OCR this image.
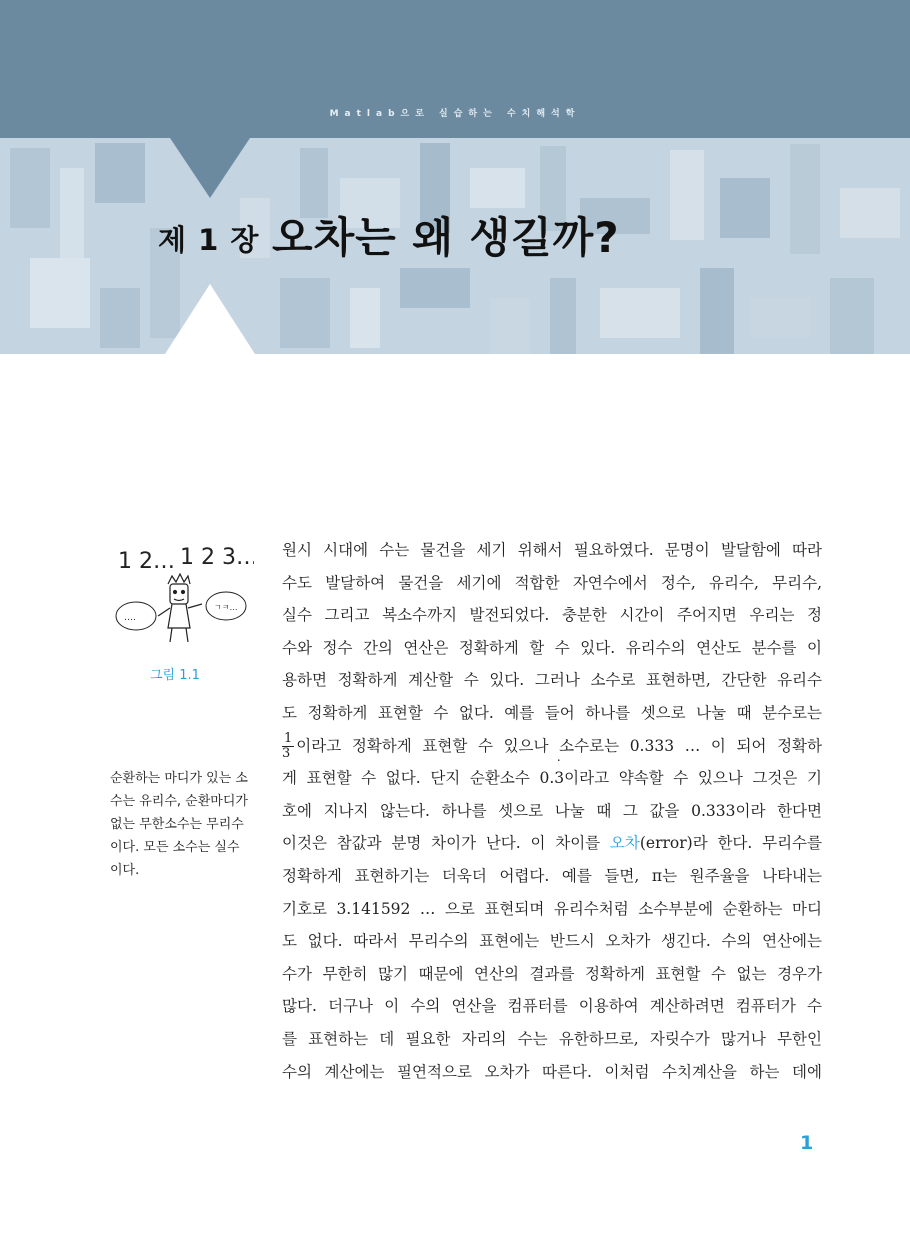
Matlab으로 실습하는 수치해석학
제 1 장 오차는 왜 생길까?
1 2… 1 2 3…
….
ㄱㅋ…
그림 1.1
순환하는 마디가 있는 소
수는 유리수, 순환마디가
없는 무한소수는 무리수
이다. 모든 소수는 실수
이다.
원시 시대에 수는 물건을 세기 위해서 필요하였다. 문명이 발달함에 따라
수도 발달하여 물건을 세기에 적합한 자연수에서 정수, 유리수, 무리수,
실수 그리고 복소수까지 발전되었다. 충분한 시간이 주어지면 우리는 정
수와 정수 간의 연산은 정확하게 할 수 있다. 유리수의 연산도 분수를 이
용하면 정확하게 계산할 수 있다. 그러나 소수로 표현하면, 간단한 유리수
도 정확하게 표현할 수 없다. 예를 들어 하나를 셋으로 나눌 때 분수로는
$\frac{1}{3}$ 이라고 정확하게 표현할 수 있으나 소수로는 0.333 … 이 되어 정확하
게 표현할 수 없다. 단지 순환소수 0.3 ˙이라고 약속할 수 있으나 그것은 기
호에 지나지 않는다. 하나를 셋으로 나눌 때 그 값을 0.333이라 한다면
이것은 참값과 분명 차이가 난다. 이 차이를 오차(error)라 한다. 무리수를
정확하게 표현하기는 더욱더 어렵다. 예를 들면, π는 원주율을 나타내는
기호로 3.141592 … 으로 표현되며 유리수처럼 소수부분에 순환하는 마디
도 없다. 따라서 무리수의 표현에는 반드시 오차가 생긴다. 수의 연산에는
수가 무한히 많기 때문에 연산의 결과를 정확하게 표현할 수 없는 경우가
많다. 더구나 이 수의 연산을 컴퓨터를 이용하여 계산하려면 컴퓨터가 수
를 표현하는 데 필요한 자리의 수는 유한하므로, 자릿수가 많거나 무한인
수의 계산에는 필연적으로 오차가 따른다. 이처럼 수치계산을 하는 데에
1
